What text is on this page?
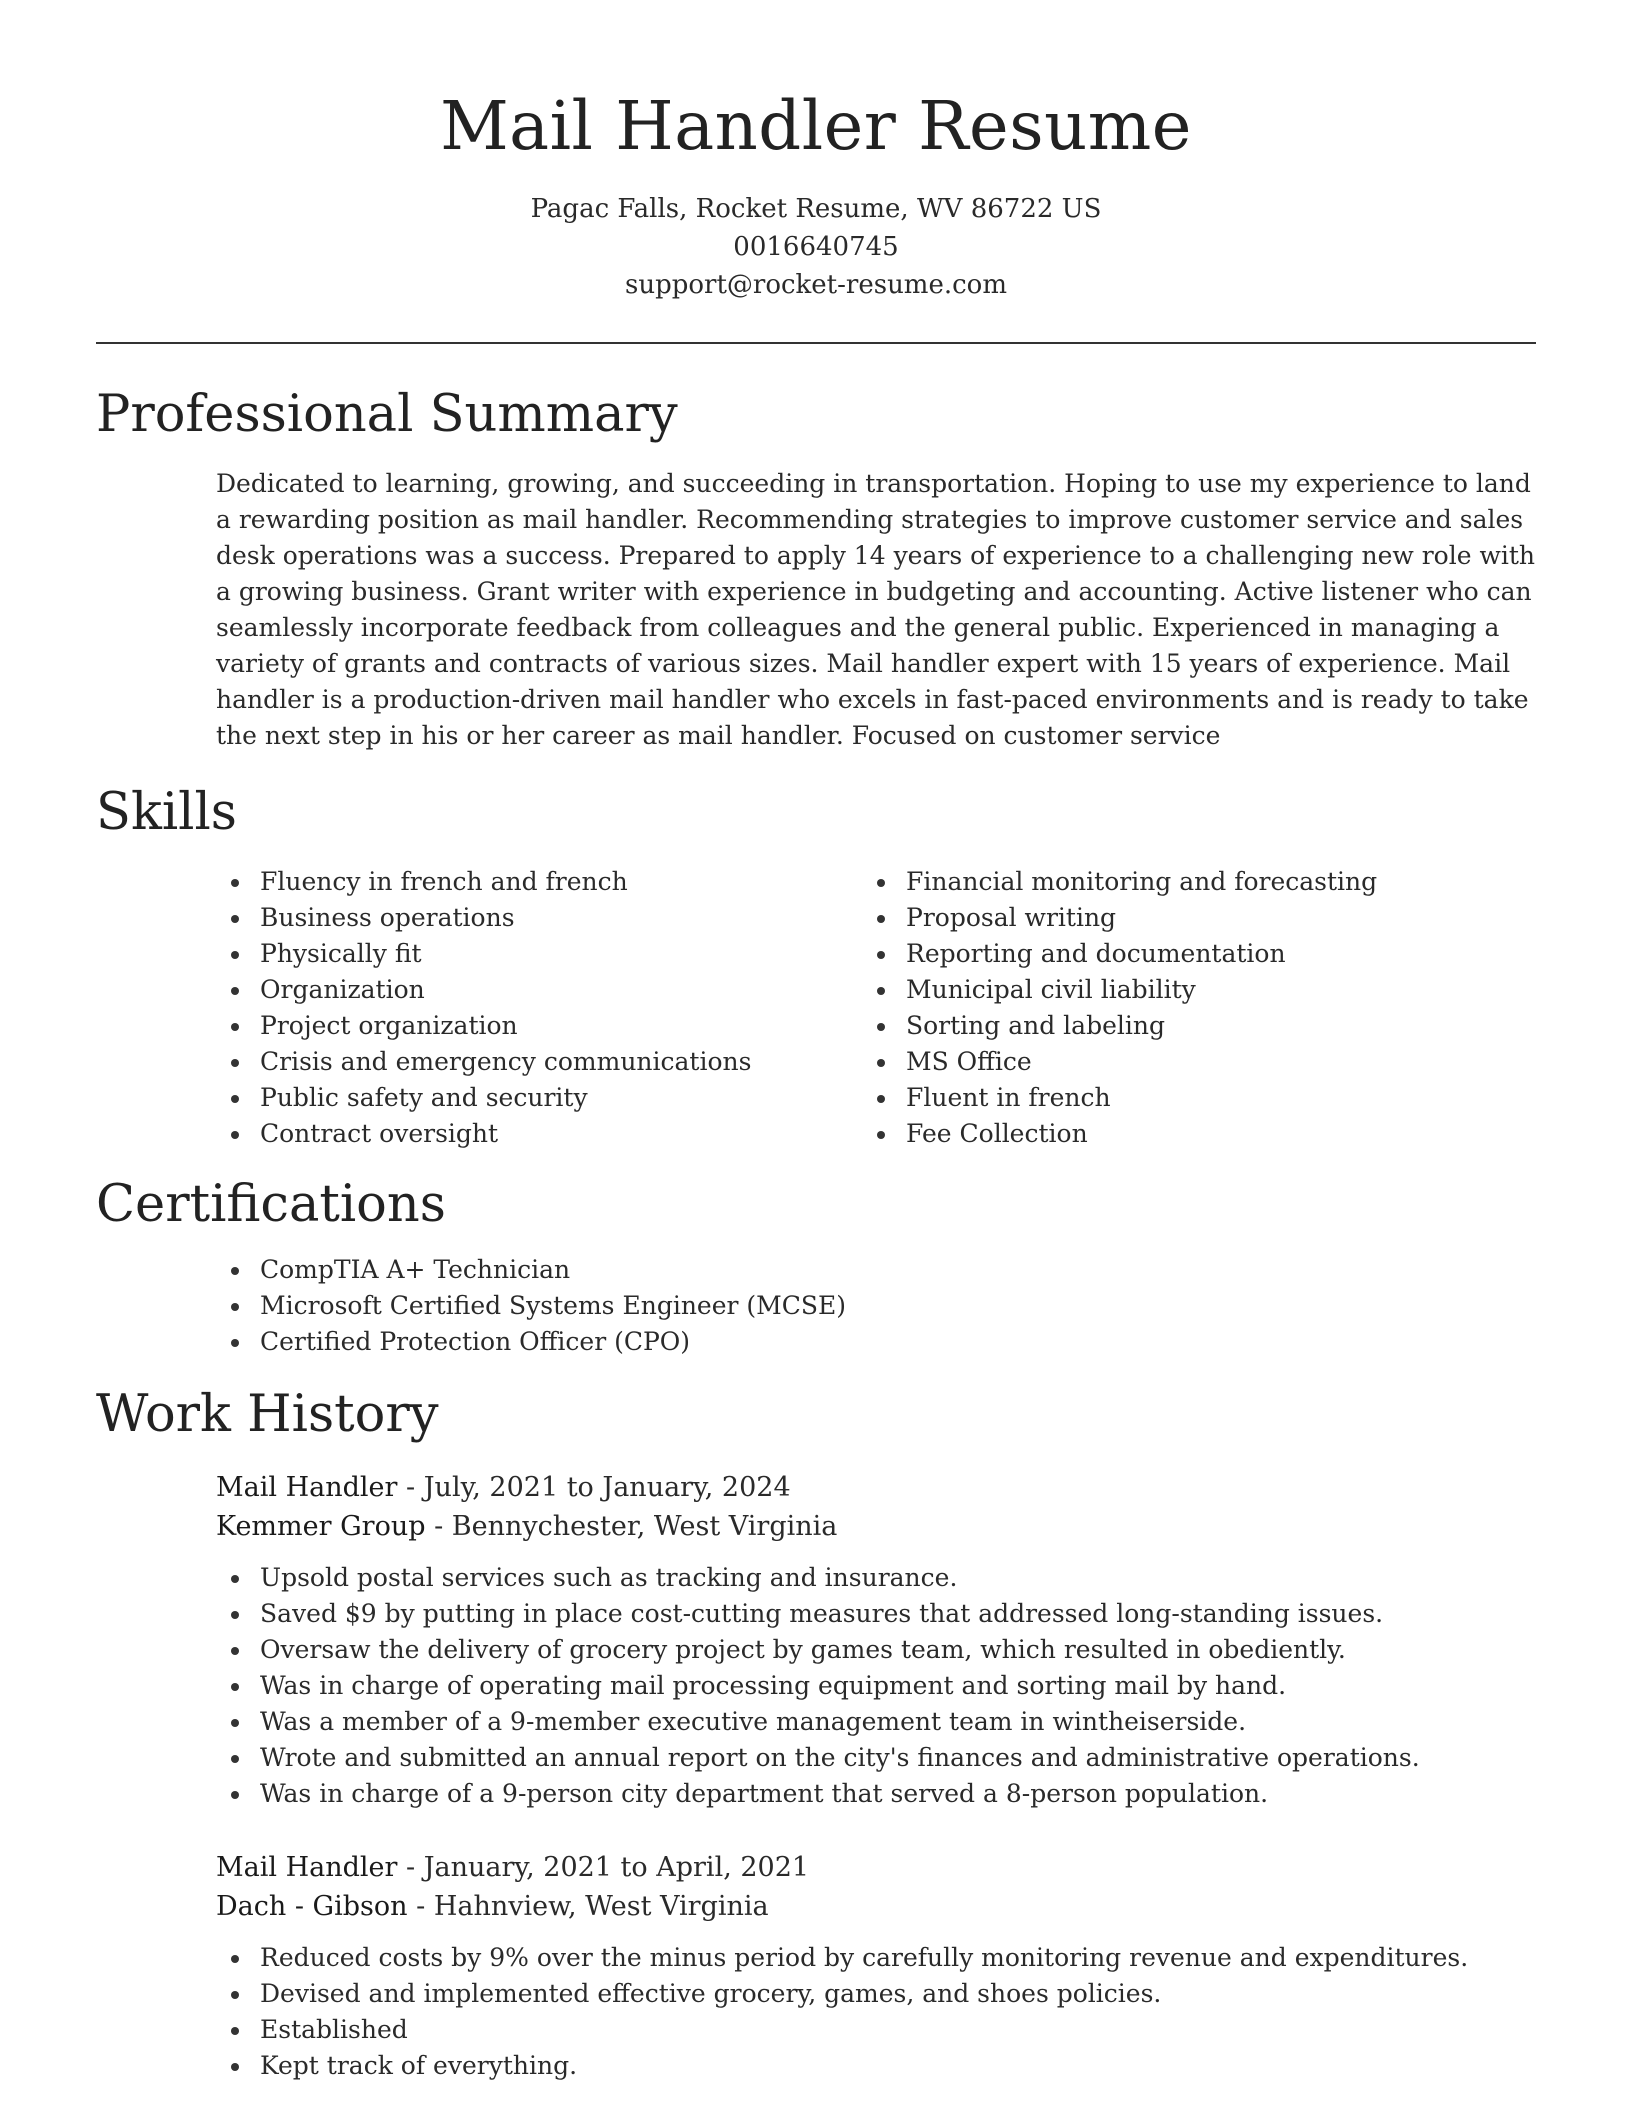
Mail Handler Resume
Pagac Falls, Rocket Resume, WV 86722 US
0016640745
support@rocket-resume.com
Professional Summary

Dedicated to learning, growing, and succeeding in transportation. Hoping to use my experience to land a rewarding position as mail handler. Recommending strategies to improve customer service and sales desk operations was a success. Prepared to apply 14 years of experience to a challenging new role with a growing business. Grant writer with experience in budgeting and accounting. Active listener who can seamlessly incorporate feedback from colleagues and the general public. Experienced in managing a variety of grants and contracts of various sizes. Mail handler expert with 15 years of experience. Mail handler is a production-driven mail handler who excels in fast-paced environments and is ready to take the next step in his or her career as mail handler. Focused on customer service

Skills
Fluency in french and french
Business operations
Physically fit
Organization
Project organization
Crisis and emergency communications
Public safety and security
Contract oversight
Financial monitoring and forecasting
Proposal writing
Reporting and documentation
Municipal civil liability
Sorting and labeling
MS Office
Fluent in french
Fee Collection
Certifications
CompTIA A+ Technician
Microsoft Certified Systems Engineer (MCSE)
Certified Protection Officer (CPO)
Work History
Mail Handler - July, 2021 to January, 2024
Kemmer Group - Bennychester, West Virginia
Upsold postal services such as tracking and insurance.
Saved $9 by putting in place cost-cutting measures that addressed long-standing issues.
Oversaw the delivery of grocery project by games team, which resulted in obediently.
Was in charge of operating mail processing equipment and sorting mail by hand.
Was a member of a 9-member executive management team in wintheiserside.
Wrote and submitted an annual report on the city's finances and administrative operations.
Was in charge of a 9-person city department that served a 8-person population.
Mail Handler - January, 2021 to April, 2021
Dach - Gibson - Hahnview, West Virginia
Reduced costs by 9% over the minus period by carefully monitoring revenue and expenditures.
Devised and implemented effective grocery, games, and shoes policies.
Established
Kept track of everything.
